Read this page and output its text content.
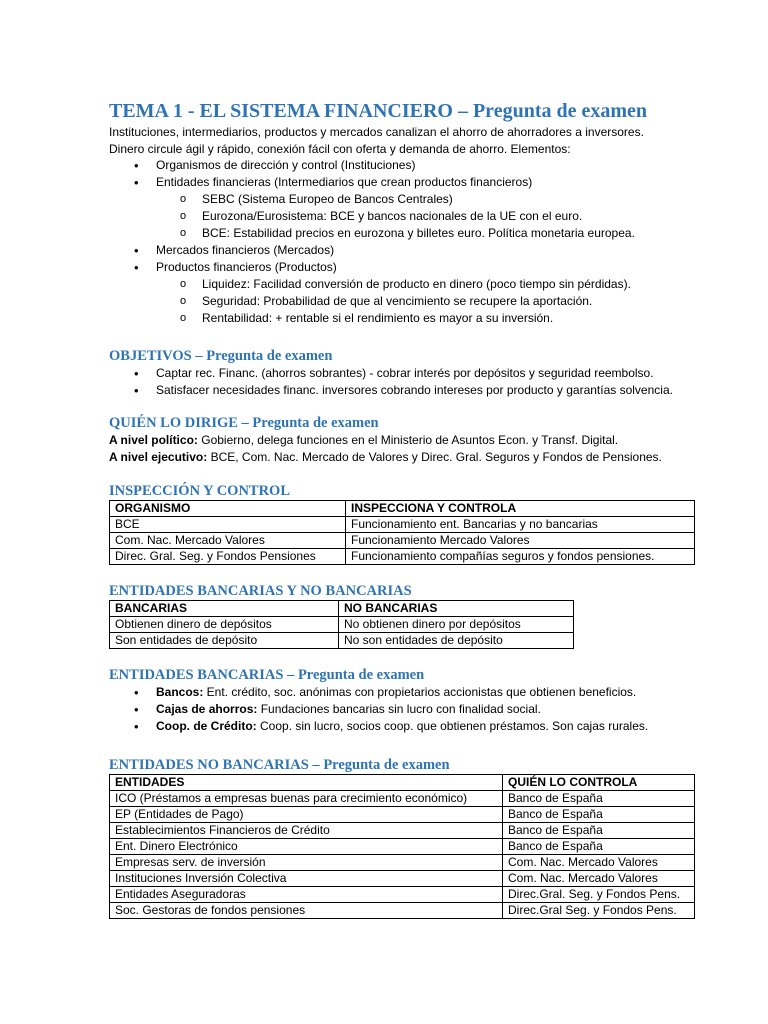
TEMA 1 - EL SISTEMA FINANCIERO – Pregunta de examen

Instituciones, intermediarios, productos y mercados canalizan el ahorro de ahorradores a inversores.

Dinero circule ágil y rápido, conexión fácil con oferta y demanda de ahorro. Elementos:

• Organismos de dirección y control (Instituciones)
• Entidades financieras (Intermediarios que crean productos financieros)
o SEBC (Sistema Europeo de Bancos Centrales)
o Eurozona/Eurosistema: BCE y bancos nacionales de la UE con el euro.
o BCE: Estabilidad precios en eurozona y billetes euro. Política monetaria europea.
• Mercados financieros (Mercados)
• Productos financieros (Productos)
o Liquidez: Facilidad conversión de producto en dinero (poco tiempo sin pérdidas).
o Seguridad: Probabilidad de que al vencimiento se recupere la aportación.
o Rentabilidad: + rentable si el rendimiento es mayor a su inversión.
OBJETIVOS – Pregunta de examen
• Captar rec. Financ. (ahorros sobrantes) - cobrar interés por depósitos y seguridad reembolso.
• Satisfacer necesidades financ. inversores cobrando intereses por producto y garantías solvencia.
QUIÉN LO DIRIGE – Pregunta de examen

A nivel político: Gobierno, delega funciones en el Ministerio de Asuntos Econ. y Transf. Digital.

A nivel ejecutivo: BCE, Com. Nac. Mercado de Valores y Direc. Gral. Seguros y Fondos de Pensiones.

INSPECCIÓN Y CONTROL
ORGANISMO	INSPECCIONA Y CONTROLA
BCE	Funcionamiento ent. Bancarias y no bancarias
Com. Nac. Mercado Valores	Funcionamiento Mercado Valores
Direc. Gral. Seg. y Fondos Pensiones	Funcionamiento compañías seguros y fondos pensiones.
ENTIDADES BANCARIAS Y NO BANCARIAS
BANCARIAS	NO BANCARIAS
Obtienen dinero de depósitos	No obtienen dinero por depósitos
Son entidades de depósito	No son entidades de depósito
ENTIDADES BANCARIAS – Pregunta de examen
• Bancos: Ent. crédito, soc. anónimas con propietarios accionistas que obtienen beneficios.
• Cajas de ahorros: Fundaciones bancarias sin lucro con finalidad social.
• Coop. de Crédito: Coop. sin lucro, socios coop. que obtienen préstamos. Son cajas rurales.
ENTIDADES NO BANCARIAS – Pregunta de examen
ENTIDADES	QUIÉN LO CONTROLA
ICO (Préstamos a empresas buenas para crecimiento económico)	Banco de España
EP (Entidades de Pago)	Banco de España
Establecimientos Financieros de Crédito	Banco de España
Ent. Dinero Electrónico	Banco de España
Empresas serv. de inversión	Com. Nac. Mercado Valores
Instituciones Inversión Colectiva	Com. Nac. Mercado Valores
Entidades Aseguradoras	Direc.Gral. Seg. y Fondos Pens.
Soc. Gestoras de fondos pensiones	Direc.Gral Seg. y Fondos Pens.
